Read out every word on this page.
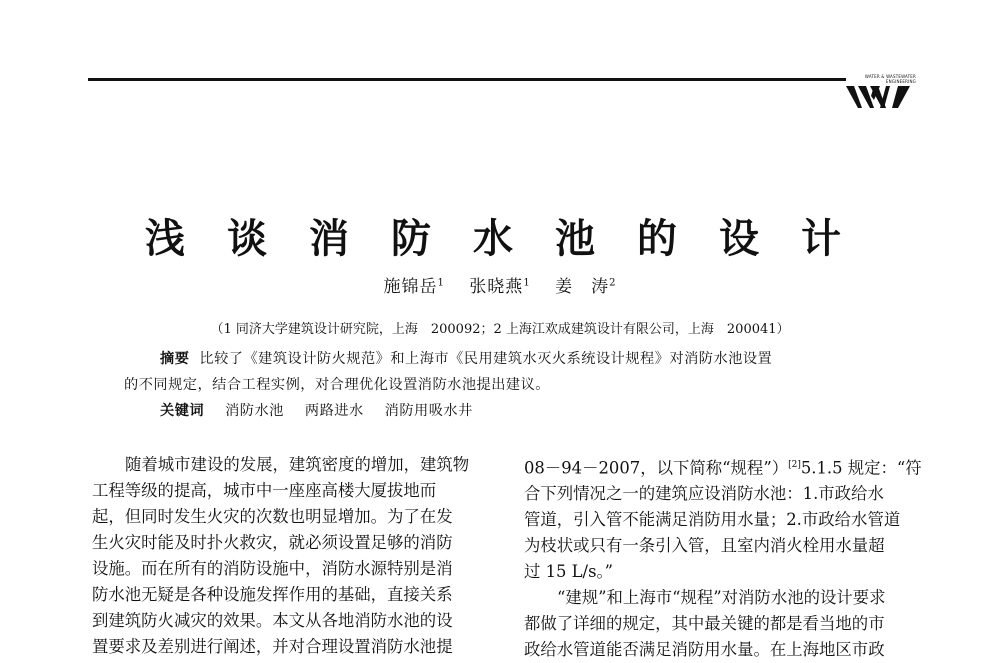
WATER & WASTEWATER ENGINEERING
浅谈消防水池的设计
施锦岳$^1$ 张晓燕$^1$ 姜　涛$^2$
（1 同济大学建筑设计研究院，上海　200092；2 上海江欢成建筑设计有限公司，上海　200041）
摘要 比较了《建筑设计防火规范》和上海市《民用建筑水灭火系统设计规程》对消防水池设置
的不同规定，结合工程实例，对合理优化设置消防水池提出建议。
关键词 消防水池 两路进水 消防用吸水井
随着城市建设的发展，建筑密度的增加，建筑物
工程等级的提高，城市中一座座高楼大厦拔地而
起，但同时发生火灾的次数也明显增加。为了在发
生火灾时能及时扑火救灾，就必须设置足够的消防
设施。而在所有的消防设施中，消防水源特别是消
防水池无疑是各种设施发挥作用的基础，直接关系
到建筑防火减灾的效果。本文从各地消防水池的设
置要求及差别进行阐述，并对合理设置消防水池提
08－94－2007，以下简称“规程”）[2]5.1.5 规定：“符
合下列情况之一的建筑应设消防水池：1.市政给水
管道，引入管不能满足消防用水量；2.市政给水管道
为枝状或只有一条引入管，且室内消火栓用水量超
过 15 L/s。”
“建规”和上海市“规程”对消防水池的设计要求
都做了详细的规定，其中最关键的都是看当地的市
政给水管道能否满足消防用水量。在上海地区市政
